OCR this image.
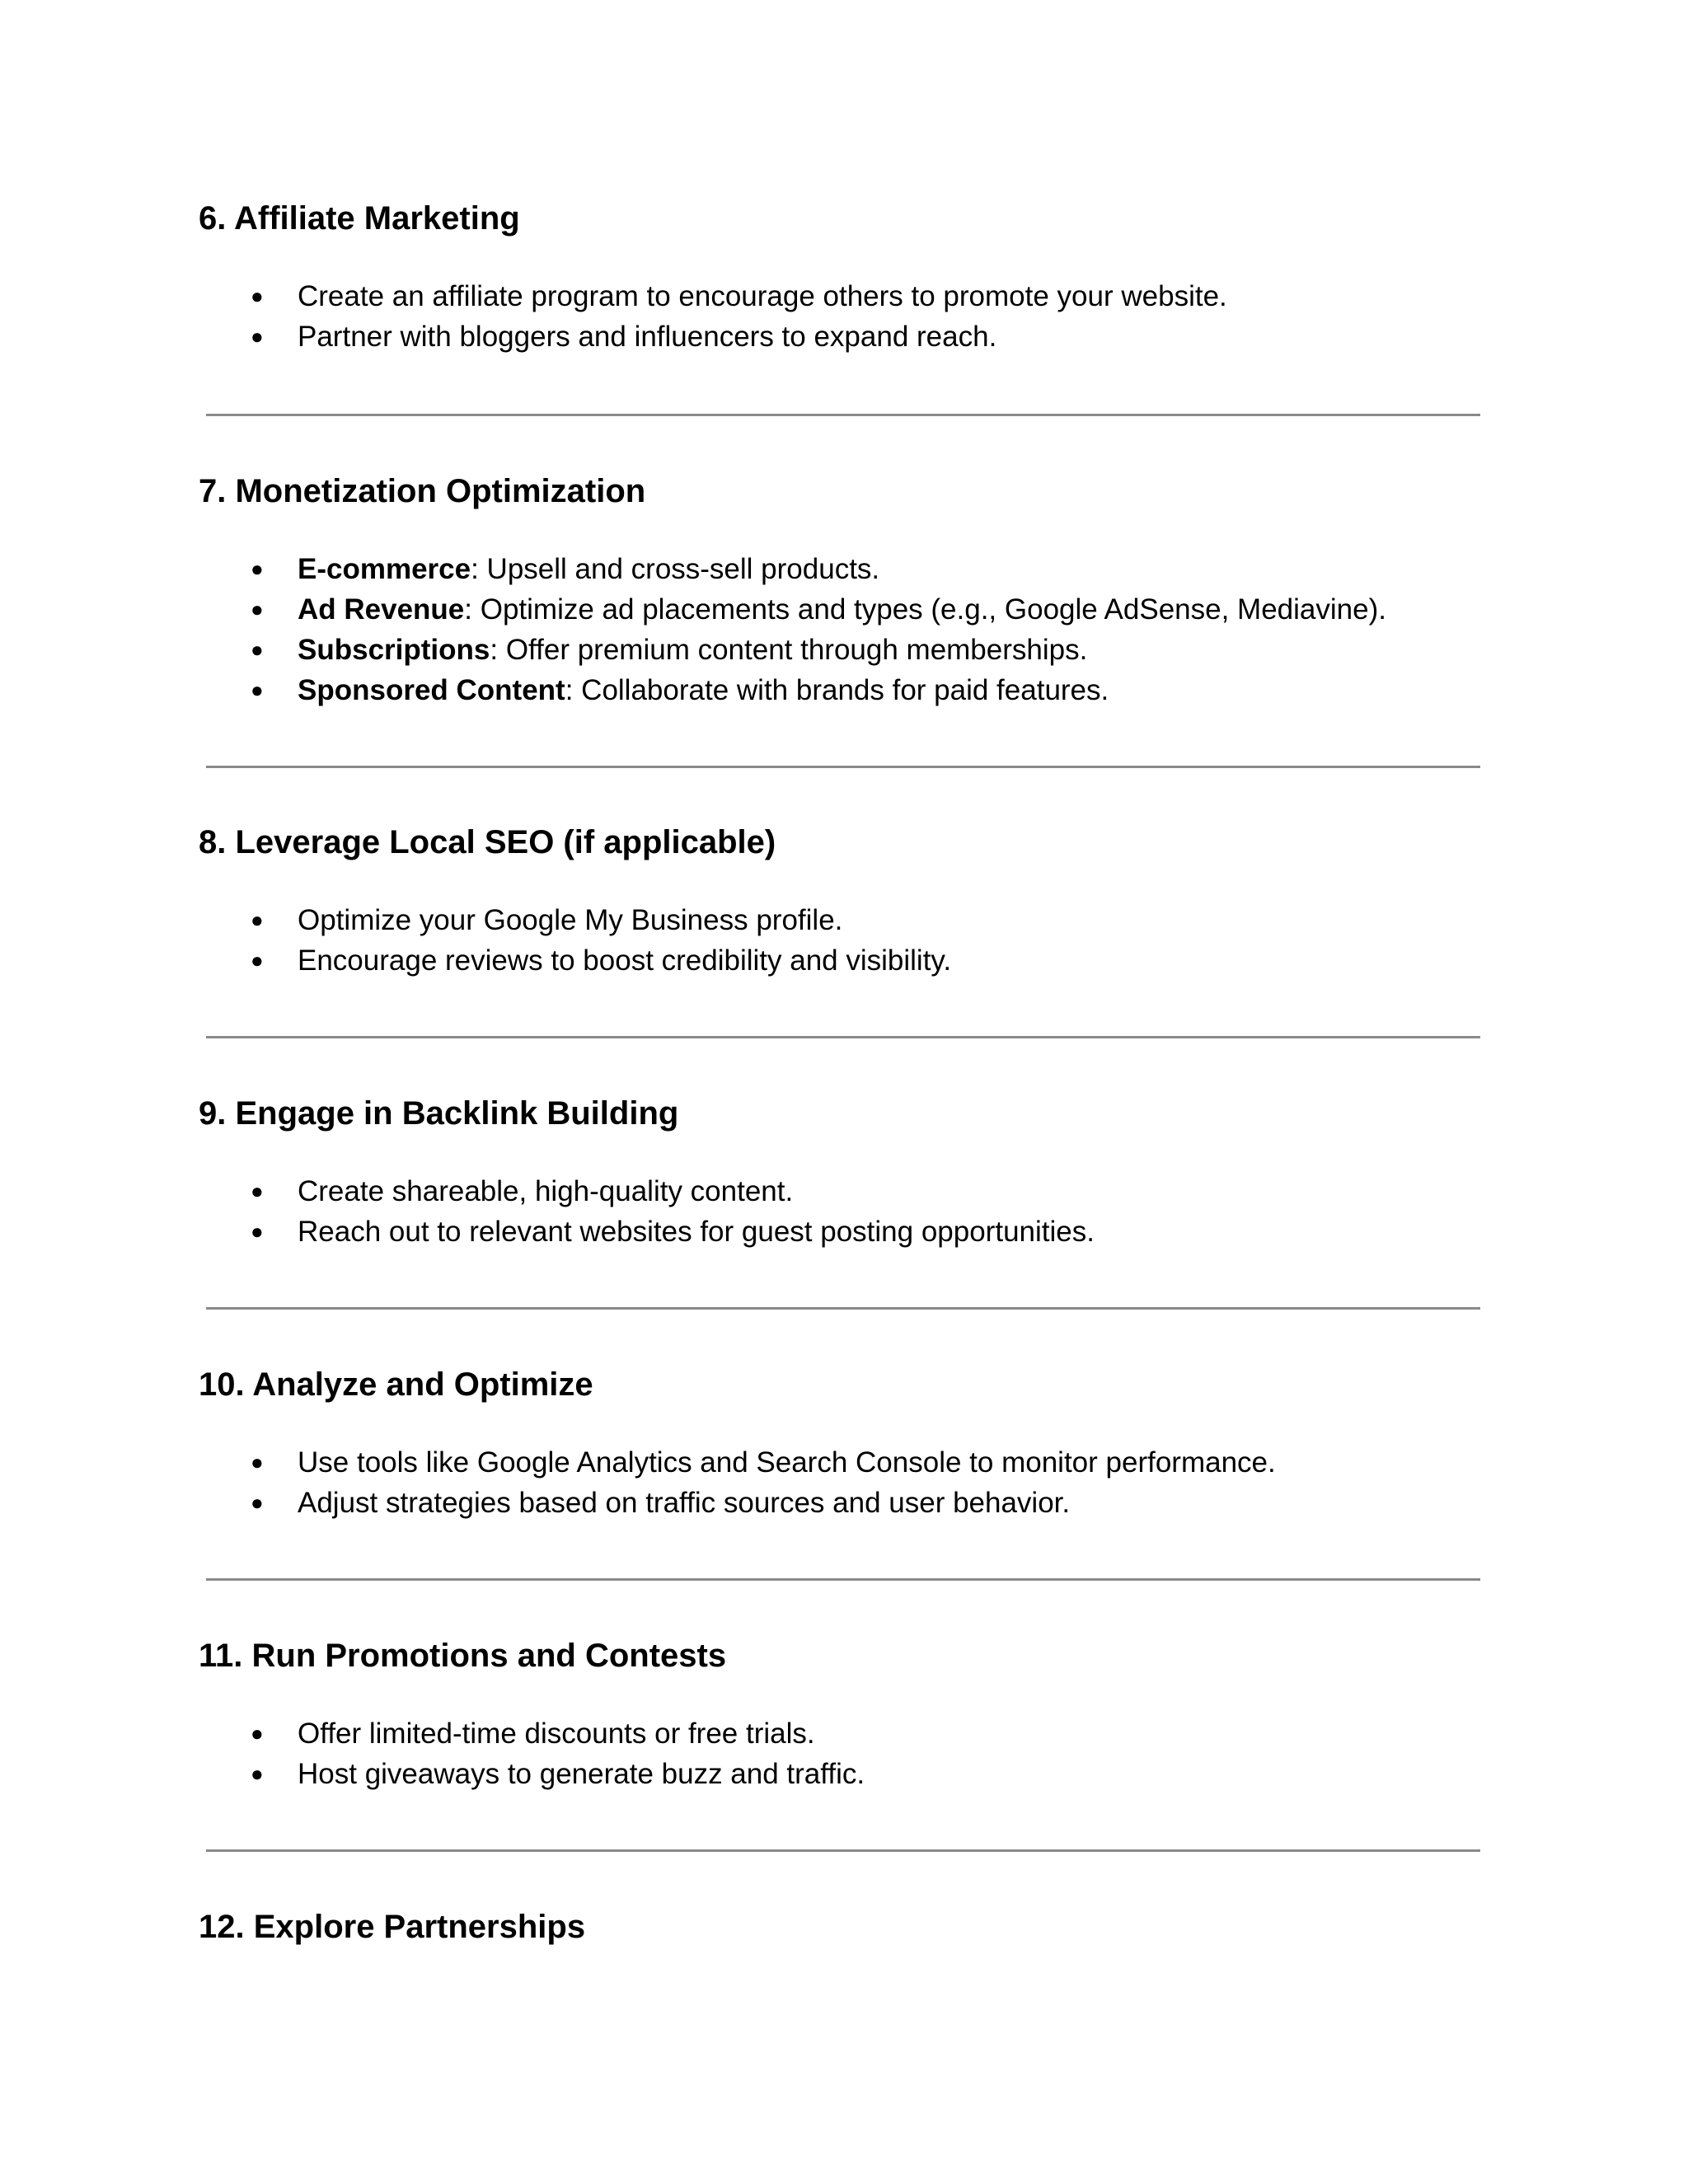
6. Affiliate Marketing
● Create an affiliate program to encourage others to promote your website.
● Partner with bloggers and influencers to expand reach.
7. Monetization Optimization
● E-commerce: Upsell and cross-sell products.
● Ad Revenue: Optimize ad placements and types (e.g., Google AdSense, Mediavine).
● Subscriptions: Offer premium content through memberships.
● Sponsored Content: Collaborate with brands for paid features.
8. Leverage Local SEO (if applicable)
● Optimize your Google My Business profile.
● Encourage reviews to boost credibility and visibility.
9. Engage in Backlink Building
● Create shareable, high-quality content.
● Reach out to relevant websites for guest posting opportunities.
10. Analyze and Optimize
● Use tools like Google Analytics and Search Console to monitor performance.
● Adjust strategies based on traffic sources and user behavior.
11. Run Promotions and Contests
● Offer limited-time discounts or free trials.
● Host giveaways to generate buzz and traffic.
12. Explore Partnerships
